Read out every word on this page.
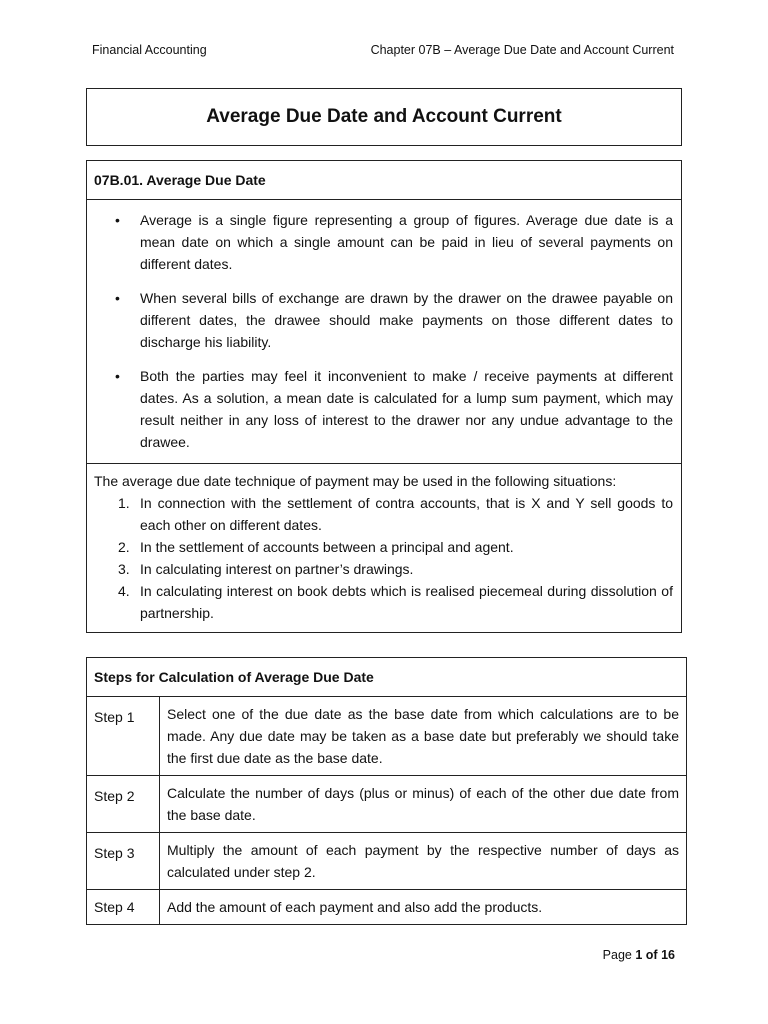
Financial Accounting	Chapter 07B – Average Due Date and Account Current
Average Due Date and Account Current
07B.01. Average Due Date
• Average is a single figure representing a group of figures. Average due date is a mean date on which a single amount can be paid in lieu of several payments on different dates.
• When several bills of exchange are drawn by the drawer on the drawee payable on different dates, the drawee should make payments on those different dates to discharge his liability.
• Both the parties may feel it inconvenient to make / receive payments at different dates. As a solution, a mean date is calculated for a lump sum payment, which may result neither in any loss of interest to the drawer nor any undue advantage to the drawee.
The average due date technique of payment may be used in the following situations:
1. In connection with the settlement of contra accounts, that is X and Y sell goods to each other on different dates.
2. In the settlement of accounts between a principal and agent.
3. In calculating interest on partner’s drawings.
4. In calculating interest on book debts which is realised piecemeal during dissolution of partnership.
Steps for Calculation of Average Due Date	
Step 1	Select one of the due date as the base date from which calculations are to be made. Any due date may be taken as a base date but preferably we should take the first due date as the base date.
Step 2	Calculate the number of days (plus or minus) of each of the other due date from the base date.
Step 3	Multiply the amount of each payment by the respective number of days as calculated under step 2.
Step 4	Add the amount of each payment and also add the products.
Page 1 of 16
